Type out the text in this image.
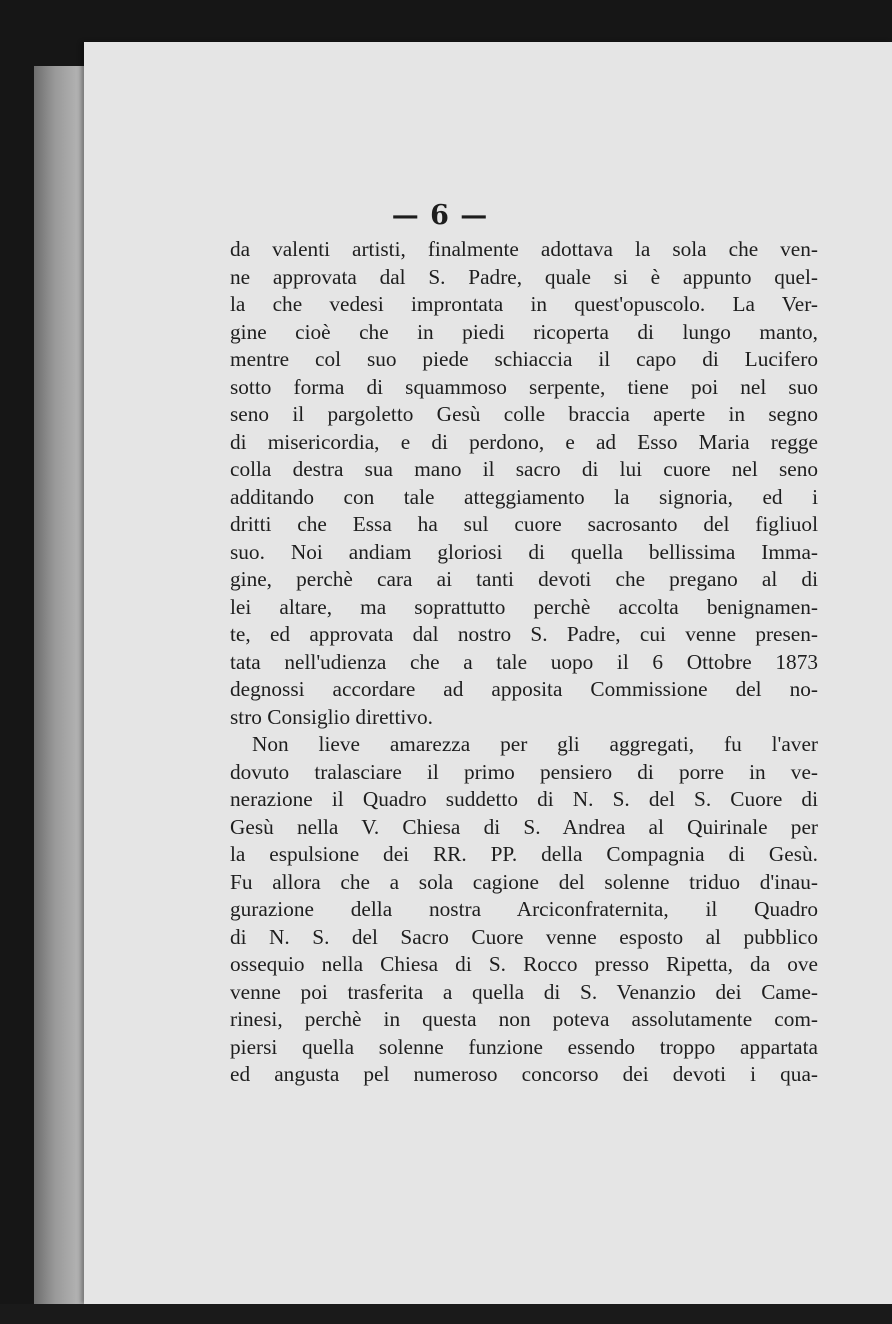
— 6 —
da valenti artisti, finalmente adottava la sola che ven-
ne approvata dal S. Padre, quale si è appunto quel-
la che vedesi improntata in quest'opuscolo. La Ver-
gine cioè che in piedi ricoperta di lungo manto,
mentre col suo piede schiaccia il capo di Lucifero
sotto forma di squammoso serpente, tiene poi nel suo
seno il pargoletto Gesù colle braccia aperte in segno
di misericordia, e di perdono, e ad Esso Maria regge
colla destra sua mano il sacro di lui cuore nel seno
additando con tale atteggiamento la signoria, ed i
dritti che Essa ha sul cuore sacrosanto del figliuol
suo. Noi andiam gloriosi di quella bellissima Imma-
gine, perchè cara ai tanti devoti che pregano al di
lei altare, ma soprattutto perchè accolta benignamen-
te, ed approvata dal nostro S. Padre, cui venne presen-
tata nell'udienza che a tale uopo il 6 Ottobre 1873
degnossi accordare ad apposita Commissione del no-
stro Consiglio direttivo.
Non lieve amarezza per gli aggregati, fu l'aver
dovuto tralasciare il primo pensiero di porre in ve-
nerazione il Quadro suddetto di N. S. del S. Cuore di
Gesù nella V. Chiesa di S. Andrea al Quirinale per
la espulsione dei RR. PP. della Compagnia di Gesù.
Fu allora che a sola cagione del solenne triduo d'inau-
gurazione della nostra Arciconfraternita, il Quadro
di N. S. del Sacro Cuore venne esposto al pubblico
ossequio nella Chiesa di S. Rocco presso Ripetta, da ove
venne poi trasferita a quella di S. Venanzio dei Came-
rinesi, perchè in questa non poteva assolutamente com-
piersi quella solenne funzione essendo troppo appartata
ed angusta pel numeroso concorso dei devoti i qua-
